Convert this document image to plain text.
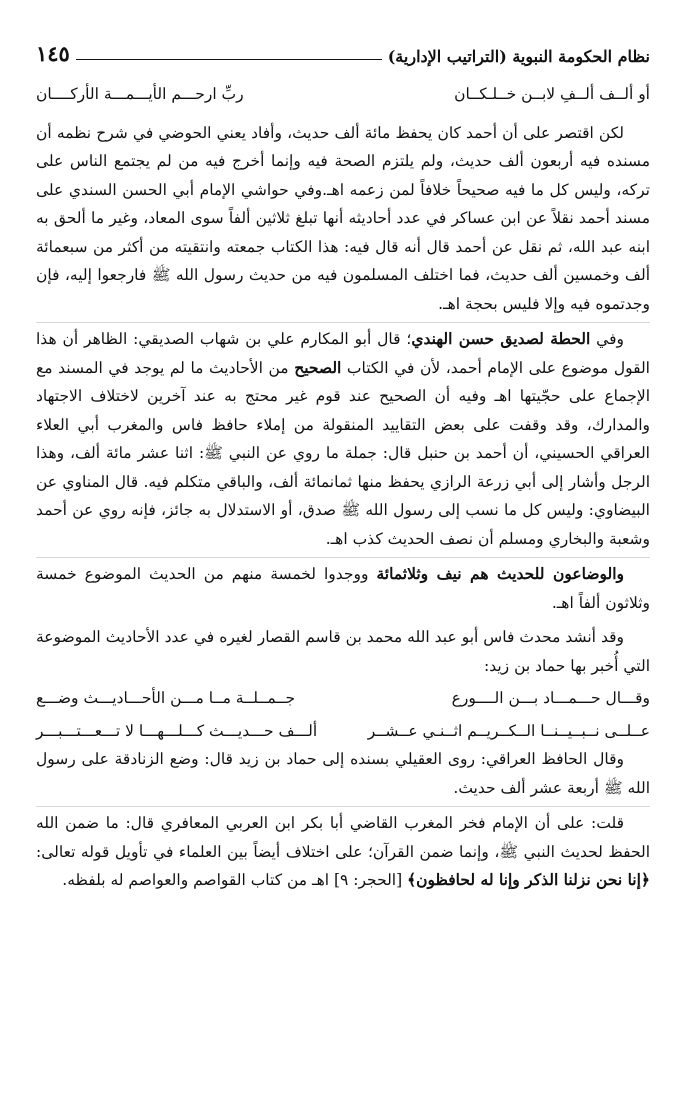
نظام الحكومة النبوية (التراتيب الإدارية)
١٤٥
أو ألــف ألــفِ لابــن خــلـكــان
ربِّ ارحـــم الأيـــمـــة الأركــــان

لكن اقتصر على أن أحمد كان يحفظ مائة ألف حديث، وأفاد يعني الحوضي في شرح نظمه أن مسنده فيه أربعون ألف حديث، ولم يلتزم الصحة فيه وإنما أخرج فيه من لم يجتمع الناس على تركه، وليس كل ما فيه صحيحاً خلافاً لمن زعمه اهـ.وفي حواشي الإمام أبي الحسن السندي على مسند أحمد نقلاً عن ابن عساكر في عدد أحاديثه أنها تبلغ ثلاثين ألفاً سوى المعاد، وغير ما ألحق به ابنه عبد الله، ثم نقل عن أحمد قال أنه قال فيه: هذا الكتاب جمعته وانتقيته من أكثر من سبعمائة ألف وخمسين ألف حديث، فما اختلف المسلمون فيه من حديث رسول الله ﷺ فارجعوا إليه، فإن وجدتموه فيه وإلا فليس بحجة اهـ.

وفي الحطة لصديق حسن الهندي؛ قال أبو المكارم علي بن شهاب الصديقي: الظاهر أن هذا القول موضوع على الإمام أحمد، لأن في الكتاب الصحيح من الأحاديث ما لم يوجد في المسند مع الإجماع على حجّيتها اهـ وفيه أن الصحيح عند قوم غير محتج به عند آخرين لاختلاف الاجتهاد والمدارك، وقد وقفت على بعض التقاييد المنقولة من إملاء حافظ فاس والمغرب أبي العلاء العراقي الحسيني، أن أحمد بن حنبل قال: جملة ما روي عن النبي ﷺ: اثنا عشر مائة ألف، وهذا الرجل وأشار إلى أبي زرعة الرازي يحفظ منها ثمانمائة ألف، والباقي متكلم فيه. قال المناوي عن البيضاوي: وليس كل ما نسب إلى رسول الله ﷺ صدق، أو الاستدلال به جائز، فإنه روي عن أحمد وشعبة والبخاري ومسلم أن نصف الحديث كذب اهـ.

والوضاعون للحديث هم نيف وثلاثمائة ووجدوا لخمسة منهم من الحديث الموضوع خمسة وثلاثون ألفاً اهـ.

وقد أنشد محدث فاس أبو عبد الله محمد بن قاسم القصار لغيره في عدد الأحاديث الموضوعة التي أُخبر بها حماد بن زيد:

وقـــال حـــمـــاد بـــن الــــورع
جــمــلــة مــا مـــن الأحـــاديـــث وضـــع
عــلــى نــبــيــنــا الــكــريــم اثــنـي عــشــر
ألـــف حـــديـــث كـــلـــهـــا لا تـــعـــتـــبـــر

وقال الحافظ العراقي: روى العقيلي بسنده إلى حماد بن زيد قال: وضع الزنادقة على رسول الله ﷺ أربعة عشر ألف حديث.

قلت: على أن الإمام فخر المغرب القاضي أبا بكر ابن العربي المعافري قال: ما ضمن الله الحفظ لحديث النبي ﷺ، وإنما ضمن القرآن؛ على اختلاف أيضاً بين العلماء في تأويل قوله تعالى: ﴿إنا نحن نزلنا الذكر وإنا له لحافظون﴾ [الحجر: ٩] اهـ من كتاب القواصم والعواصم له بلفظه.
